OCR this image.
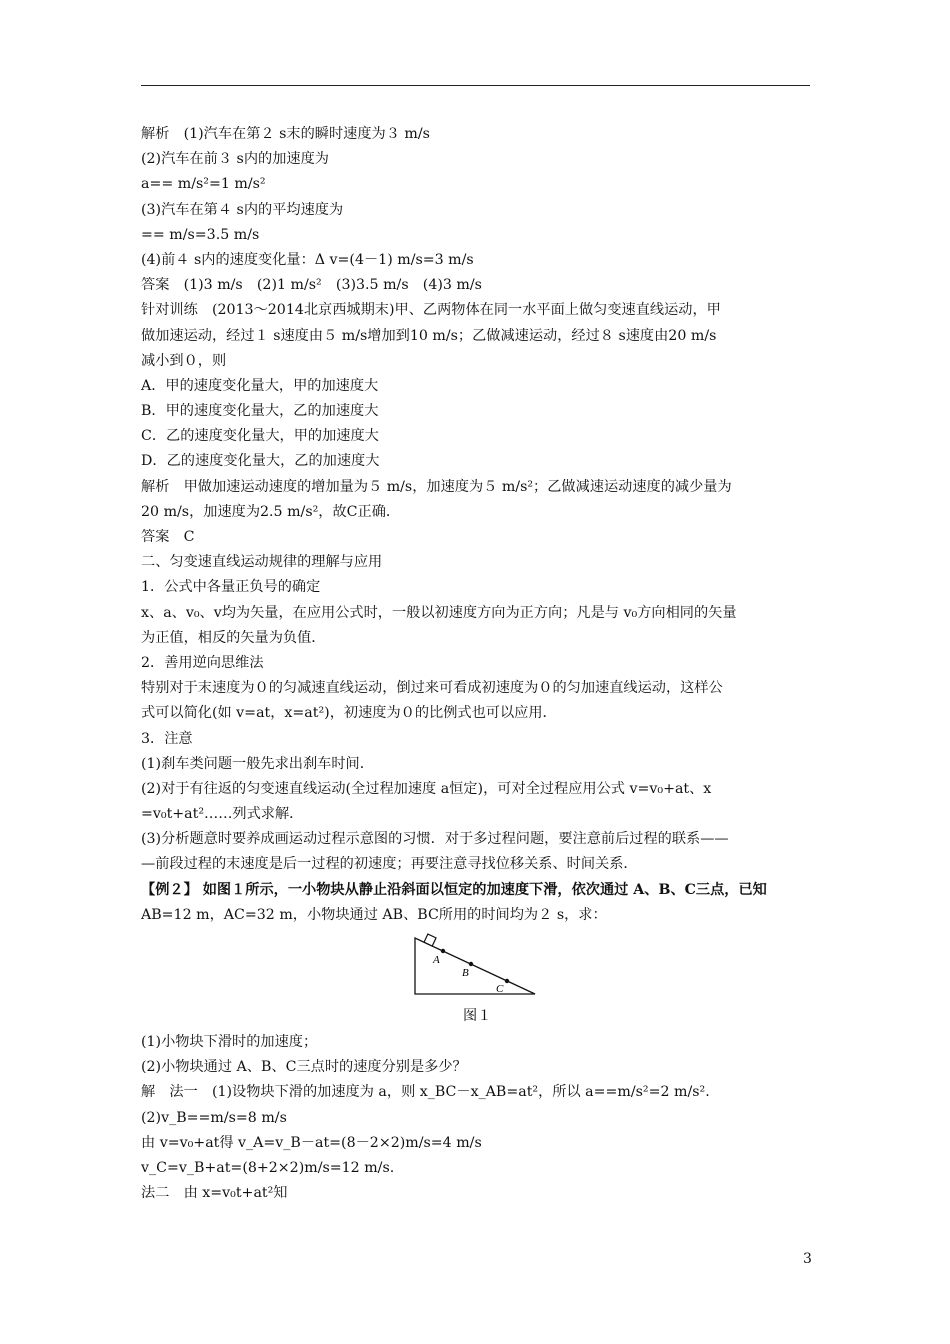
解析　(1)汽车在第２ s末的瞬时速度为３ m/s
(2)汽车在前３ s内的加速度为
a== m/s²=1 m/s²
(3)汽车在第４ s内的平均速度为
== m/s=3.5 m/s
(4)前４ s内的速度变化量：Δ v=(4－1) m/s=3 m/s
答案　(1)3 m/s　(2)1 m/s²　(3)3.5 m/s　(4)3 m/s
针对训练　(2013～2014北京西城期末)甲、乙两物体在同一水平面上做匀变速直线运动，甲
做加速运动，经过１ s速度由５ m/s增加到10 m/s；乙做减速运动，经过８ s速度由20 m/s
减小到０，则
A．甲的速度变化量大，甲的加速度大
B．甲的速度变化量大，乙的加速度大
C．乙的速度变化量大，甲的加速度大
D．乙的速度变化量大，乙的加速度大
解析　甲做加速运动速度的增加量为５ m/s，加速度为５ m/s²；乙做减速运动速度的减少量为
20 m/s，加速度为2.5 m/s²，故C正确．
答案　C
二、匀变速直线运动规律的理解与应用
1．公式中各量正负号的确定
x、a、v₀、v均为矢量，在应用公式时，一般以初速度方向为正方向；凡是与 v₀方向相同的矢量
为正值，相反的矢量为负值．
2．善用逆向思维法
特别对于末速度为０的匀减速直线运动，倒过来可看成初速度为０的匀加速直线运动，这样公
式可以简化(如 v=at，x=at²)，初速度为０的比例式也可以应用．
3．注意
(1)刹车类问题一般先求出刹车时间．
(2)对于有往返的匀变速直线运动(全过程加速度 a恒定)，可对全过程应用公式 v=v₀+at、x
=v₀t+at²……列式求解．
(3)分析题意时要养成画运动过程示意图的习惯．对于多过程问题，要注意前后过程的联系——
—前段过程的末速度是后一过程的初速度；再要注意寻找位移关系、时间关系．
【例２】 如图１所示，一小物块从静止沿斜面以恒定的加速度下滑，依次通过 A、B、C三点，已知
AB=12 m，AC=32 m，小物块通过 AB、BC所用的时间均为２ s，求：
A
B
C
图１
(1)小物块下滑时的加速度；
(2)小物块通过 A、B、C三点时的速度分别是多少？
解　法一　(1)设物块下滑的加速度为 a，则 x_BC－x_AB=at²，所以 a==m/s²=2 m/s².
(2)v_B==m/s=8 m/s
由 v=v₀+at得 v_A=v_B－at=(8－2×2)m/s=4 m/s
v_C=v_B+at=(8+2×2)m/s=12 m/s.
法二　由 x=v₀t+at²知
3
